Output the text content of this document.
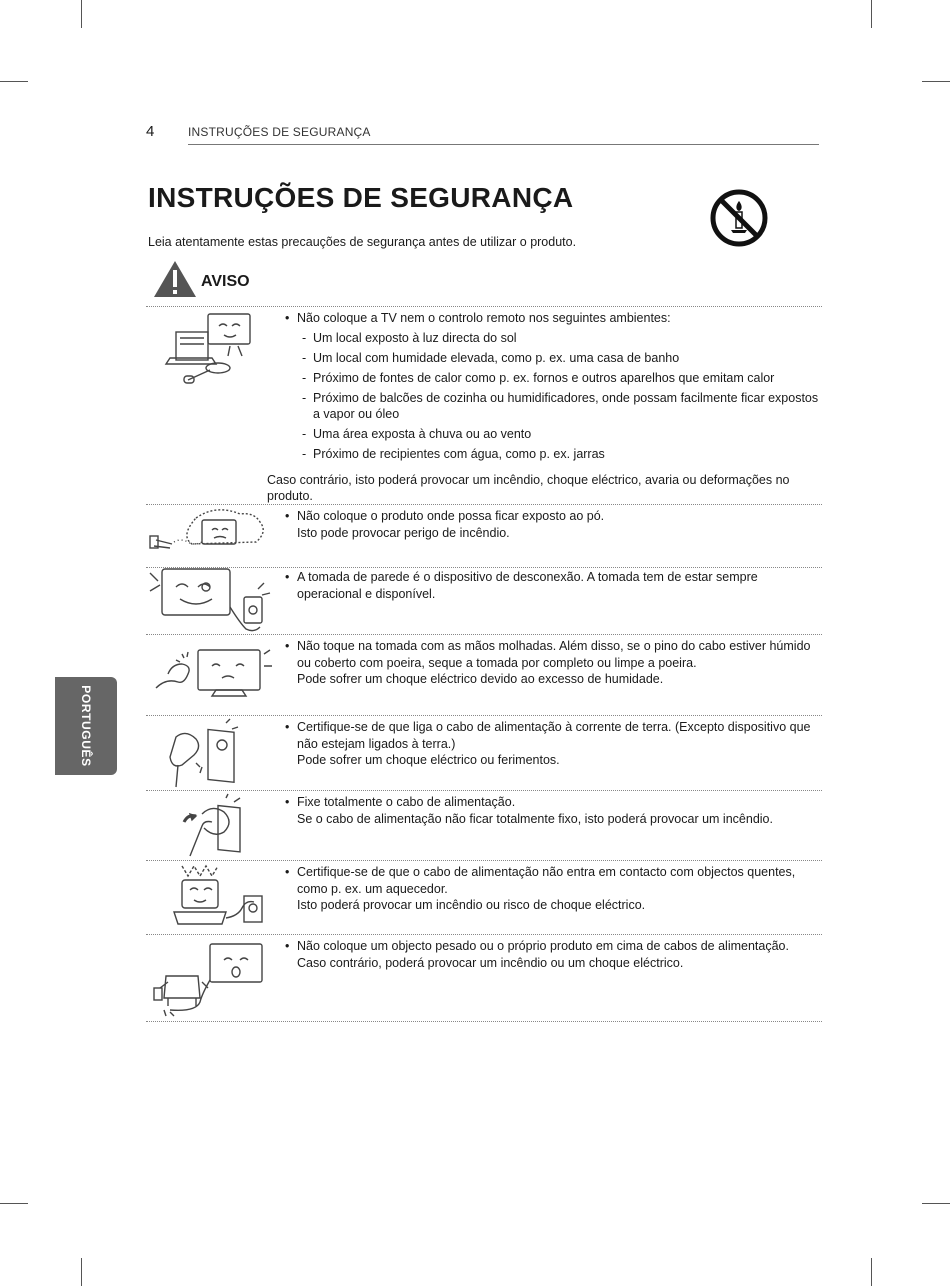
4	INSTRUÇÕES DE SEGURANÇA
INSTRUÇÕES DE SEGURANÇA
Leia atentamente estas precauções de segurança antes de utilizar o produto.
AVISO
PORTUGUÊS
• Não coloque a TV nem o controlo remoto nos seguintes ambientes:
- Um local exposto à luz directa do sol
- Um local com humidade elevada, como p. ex. uma casa de banho
- Próximo de fontes de calor como p. ex. fornos e outros aparelhos que emitam calor
- Próximo de balcões de cozinha ou humidificadores, onde possam facilmente ficar expostos a vapor ou óleo
- Uma área exposta à chuva ou ao vento
- Próximo de recipientes com água, como p. ex. jarras
Caso contrário, isto poderá provocar um incêndio, choque eléctrico, avaria ou deformações no produto.
• Não coloque o produto onde possa ficar exposto ao pó.
Isto pode provocar perigo de incêndio.
• A tomada de parede é o dispositivo de desconexão. A tomada tem de estar sempre operacional e disponível.
• Não toque na tomada com as mãos molhadas. Além disso, se o pino do cabo estiver húmido ou coberto com poeira, seque a tomada por completo ou limpe a poeira.
Pode sofrer um choque eléctrico devido ao excesso de humidade.
• Certifique-se de que liga o cabo de alimentação à corrente de terra. (Excepto dispositivo que não estejam ligados à terra.)
Pode sofrer um choque eléctrico ou ferimentos.
• Fixe totalmente o cabo de alimentação.
Se o cabo de alimentação não ficar totalmente fixo, isto poderá provocar um incêndio.
• Certifique-se de que o cabo de alimentação não entra em contacto com objectos quentes, como p. ex. um aquecedor.
Isto poderá provocar um incêndio ou risco de choque eléctrico.
• Não coloque um objecto pesado ou o próprio produto em cima de cabos de alimentação.
Caso contrário, poderá provocar um incêndio ou um choque eléctrico.
